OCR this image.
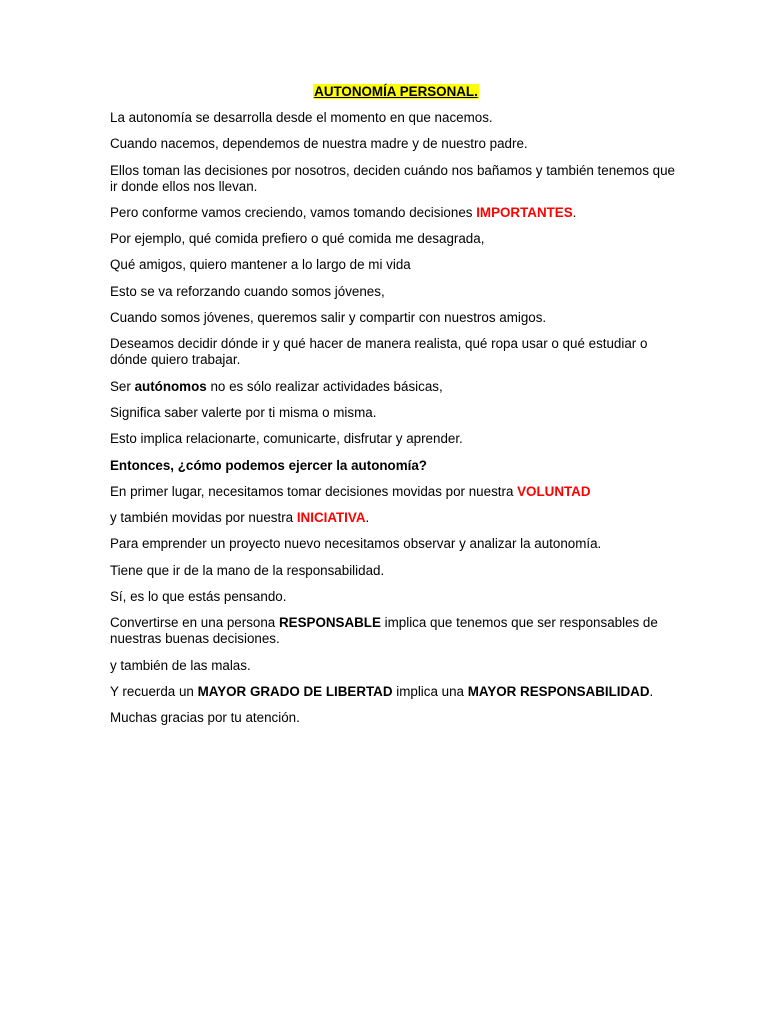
AUTONOMÍA PERSONAL.

La autonomía se desarrolla desde el momento en que nacemos.

Cuando nacemos, dependemos de nuestra madre y de nuestro padre.

Ellos toman las decisiones por nosotros, deciden cuándo nos bañamos y también tenemos que ir donde ellos nos llevan.

Pero conforme vamos creciendo, vamos tomando decisiones IMPORTANTES.

Por ejemplo, qué comida prefiero o qué comida me desagrada,

Qué amigos, quiero mantener a lo largo de mi vida

Esto se va reforzando cuando somos jóvenes,

Cuando somos jóvenes, queremos salir y compartir con nuestros amigos.

Deseamos decidir dónde ir y qué hacer de manera realista, qué ropa usar o qué estudiar o dónde quiero trabajar.

Ser autónomos no es sólo realizar actividades básicas,

Significa saber valerte por ti misma o misma.

Esto implica relacionarte, comunicarte, disfrutar y aprender.

Entonces, ¿cómo podemos ejercer la autonomía?

En primer lugar, necesitamos tomar decisiones movidas por nuestra VOLUNTAD

y también movidas por nuestra INICIATIVA.

Para emprender un proyecto nuevo necesitamos observar y analizar la autonomía.

Tiene que ir de la mano de la responsabilidad.

Sí, es lo que estás pensando.

Convertirse en una persona RESPONSABLE implica que tenemos que ser responsables de nuestras buenas decisiones.

y también de las malas.

Y recuerda un MAYOR GRADO DE LIBERTAD implica una MAYOR RESPONSABILIDAD.

Muchas gracias por tu atención.
